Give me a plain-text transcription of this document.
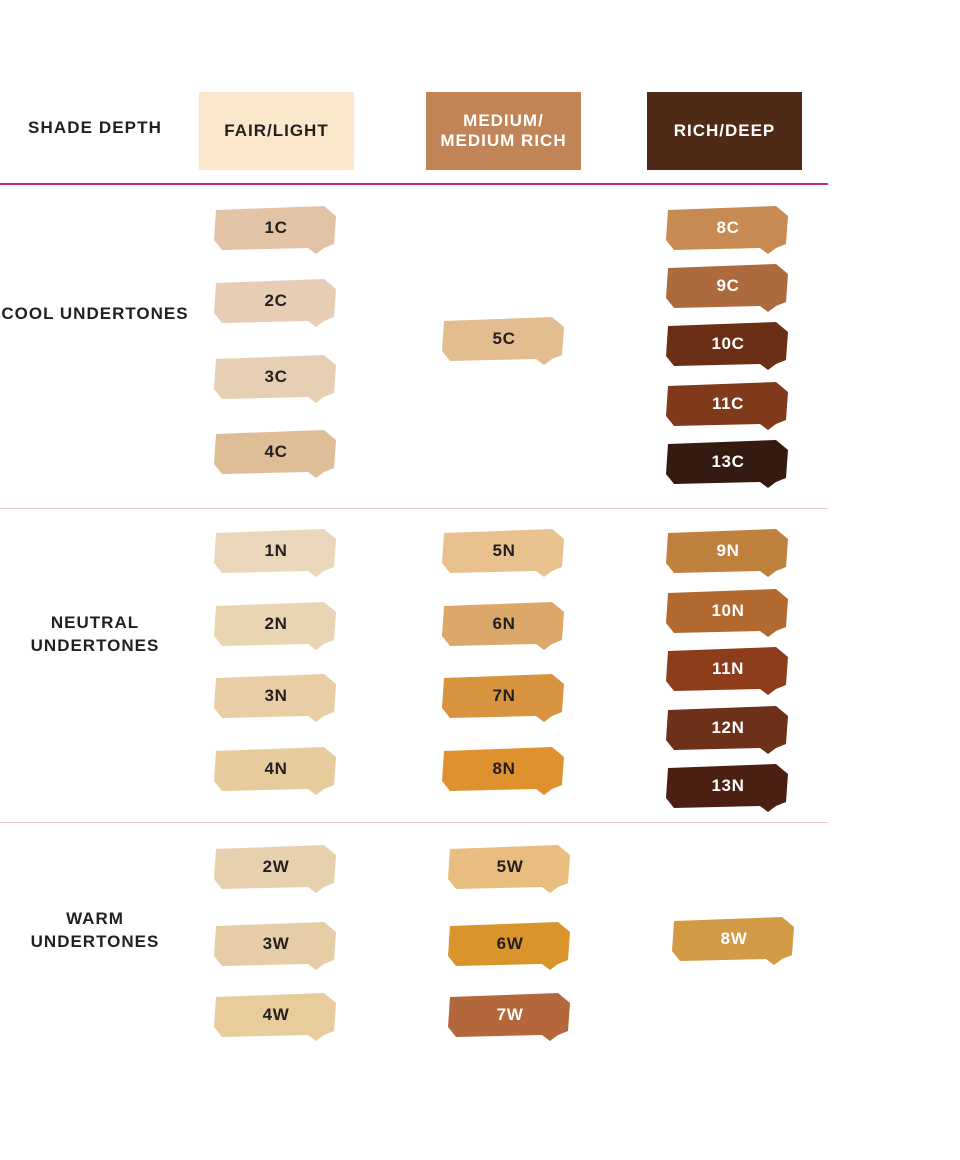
SHADE DEPTH	FAIR/LIGHT
MEDIUM/ MEDIUM RICH
RICH/DEEP
COOL UNDERTONES
NEUTRAL UNDERTONES
WARM UNDERTONES
1C
2C
3C
4C
5C
8C
9C
10C
11C
13C
1N
2N
3N
4N
5N
6N
7N
8N
9N
10N
11N
12N
13N
2W
3W
4W
5W
6W
7W
8W
